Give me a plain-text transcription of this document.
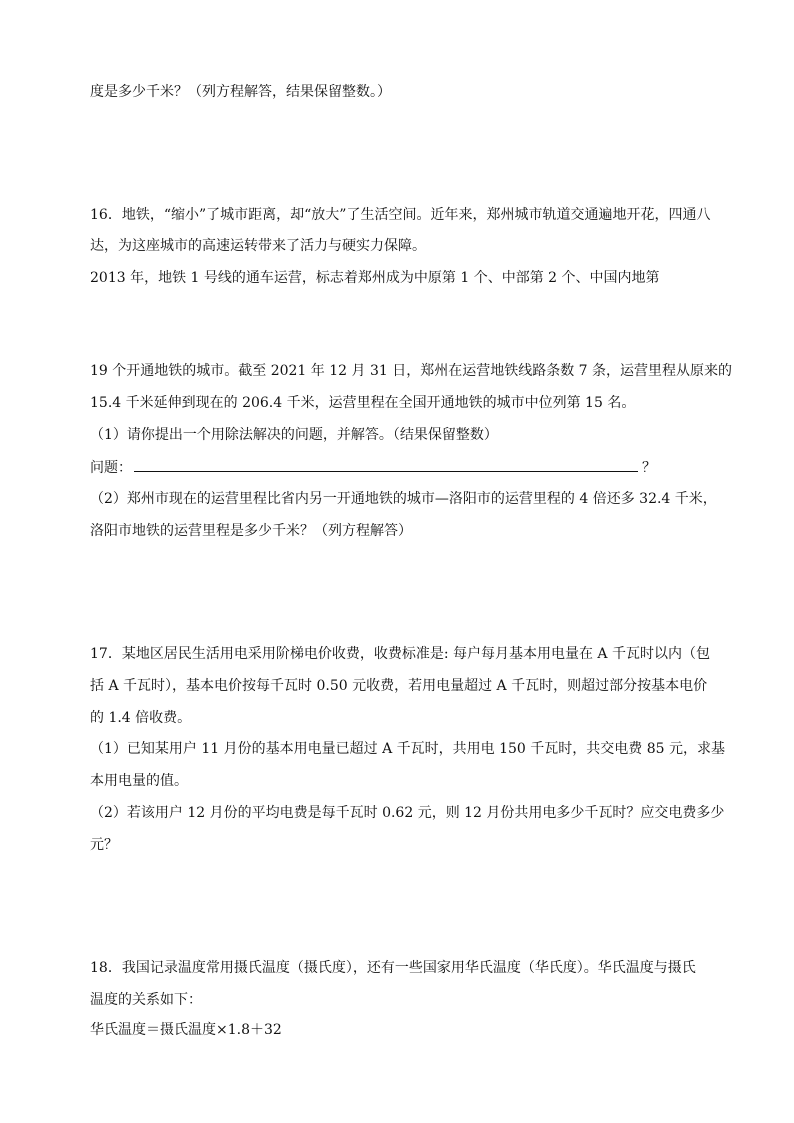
度是多少千米？（列方程解答，结果保留整数。）
16．地铁，“缩小”了城市距离，却“放大”了生活空间。近年来，郑州城市轨道交通遍地开花，四通八
达，为这座城市的高速运转带来了活力与硬实力保障。
2013 年，地铁 1 号线的通车运营，标志着郑州成为中原第 1 个、中部第 2 个、中国内地第
19 个开通地铁的城市。截至 2021 年 12 月 31 日，郑州在运营地铁线路条数 7 条，运营里程从原来的
15.4 千米延伸到现在的 206.4 千米，运营里程在全国开通地铁的城市中位列第 15 名。
（1）请你提出一个用除法解决的问题，并解答。（结果保留整数）
问题：	？
（2）郑州市现在的运营里程比省内另一开通地铁的城市—洛阳市的运营里程的 4 倍还多 32.4 千米，
洛阳市地铁的运营里程是多少千米？（列方程解答）
17．某地区居民生活用电采用阶梯电价收费，收费标准是: 每户每月基本用电量在 A 千瓦时以内（包
括 A 千瓦时），基本电价按每千瓦时 0.50 元收费，若用电量超过 A 千瓦时，则超过部分按基本电价
的 1.4 倍收费。
（1）已知某用户 11 月份的基本用电量已超过 A 千瓦时，共用电 150 千瓦时，共交电费 85 元，求基
本用电量的值。
（2）若该用户 12 月份的平均电费是每千瓦时 0.62 元，则 12 月份共用电多少千瓦时？应交电费多少
元？
18．我国记录温度常用摄氏温度（摄氏度），还有一些国家用华氏温度（华氏度）。华氏温度与摄氏
温度的关系如下：
华氏温度＝摄氏温度×1.8＋32
